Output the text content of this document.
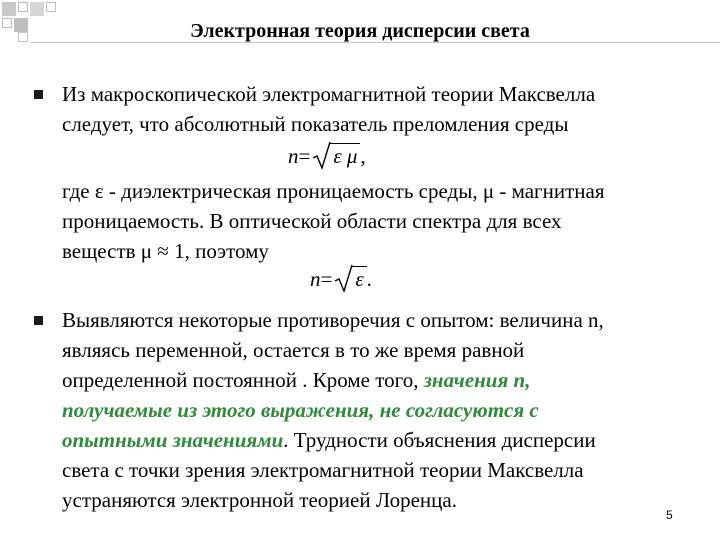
Электронная теория дисперсии света
Из макроскопической электромагнитной теории Максвелла
следует, что абсолютный показатель преломления среды
n= ε μ ,
где ε - диэлектрическая проницаемость среды, μ - магнитная
проницаемость. В оптической области спектра для всех
веществ μ ≈ 1, поэтому
n= ε .
Выявляются некоторые противоречия с опытом: величина n,
являясь переменной, остается в то же время равной
определенной постоянной . Кроме того, значения n,
получаемые из этого выражения, не согласуются с
опытными значениями. Трудности объяснения дисперсии
света с точки зрения электромагнитной теории Максвелла
устраняются электронной теорией Лоренца.
5
